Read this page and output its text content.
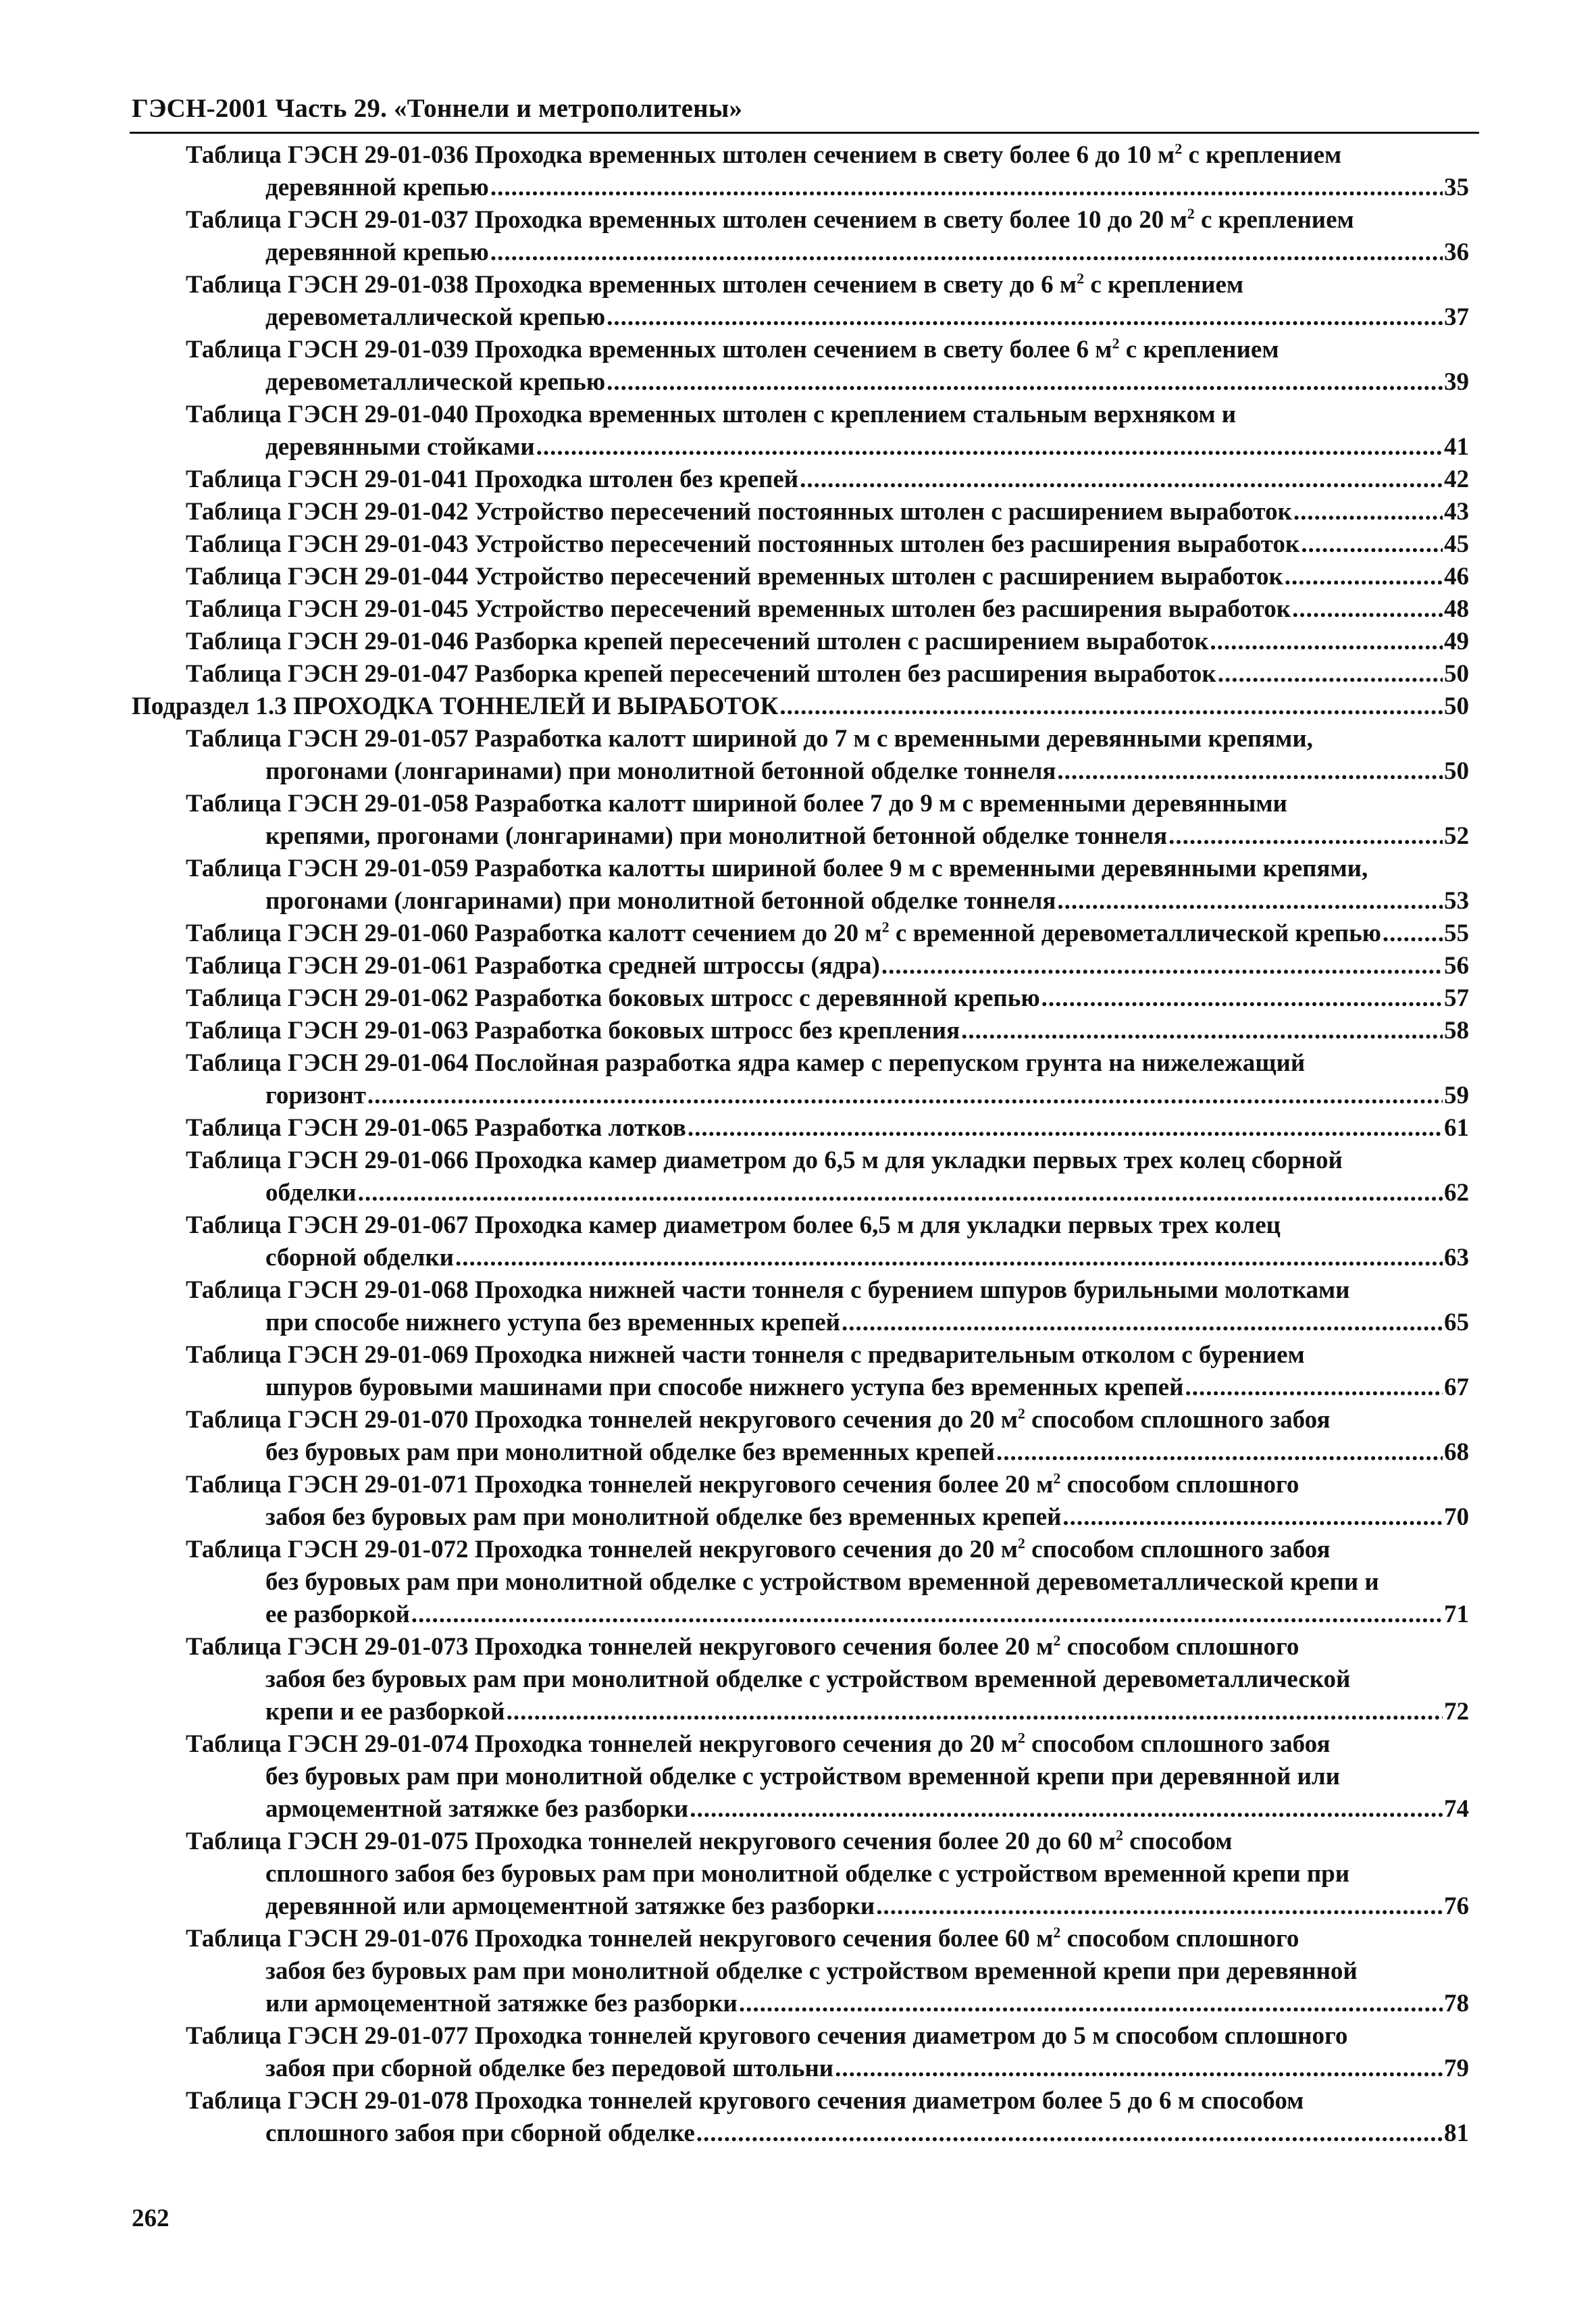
ГЭСН-2001 Часть 29. «Тоннели и метрополитены»
Таблица ГЭСН 29-01-036 Проходка временных штолен сечением в свету более 6 до 10 $м^2$ с креплением
деревянной крепью .....	35
Таблица ГЭСН 29-01-037 Проходка временных штолен сечением в свету более 10 до 20 $м^2$ с креплением
деревянной крепью .....	36
Таблица ГЭСН 29-01-038 Проходка временных штолен сечением в свету до 6 $м^2$ с креплением
деревометаллической крепью .....	37
Таблица ГЭСН 29-01-039 Проходка временных штолен сечением в свету более 6 $м^2$ с креплением
деревометаллической крепью .....	39
Таблица ГЭСН 29-01-040 Проходка временных штолен с креплением стальным верхняком и
деревянными стойками .....	41
Таблица ГЭСН 29-01-041 Проходка штолен без крепей .....	42
Таблица ГЭСН 29-01-042 Устройство пересечений постоянных штолен с расширением выработок .....	43
Таблица ГЭСН 29-01-043 Устройство пересечений постоянных штолен без расширения выработок .....	45
Таблица ГЭСН 29-01-044 Устройство пересечений временных штолен с расширением выработок .....	46
Таблица ГЭСН 29-01-045 Устройство пересечений временных штолен без расширения выработок .....	48
Таблица ГЭСН 29-01-046 Разборка крепей пересечений штолен с расширением выработок .....	49
Таблица ГЭСН 29-01-047 Разборка крепей пересечений штолен без расширения выработок .....	50
Подраздел 1.3 ПРОХОДКА ТОННЕЛЕЙ И ВЫРАБОТОК .....	50
Таблица ГЭСН 29-01-057 Разработка калотт шириной до 7 м с временными деревянными крепями,
прогонами (лонгаринами) при монолитной бетонной обделке тоннеля .....	50
Таблица ГЭСН 29-01-058 Разработка калотт шириной более 7 до 9 м с временными деревянными
крепями, прогонами (лонгаринами) при монолитной бетонной обделке тоннеля .....	52
Таблица ГЭСН 29-01-059 Разработка калотты шириной более 9 м с временными деревянными крепями,
прогонами (лонгаринами) при монолитной бетонной обделке тоннеля .....	53
Таблица ГЭСН 29-01-060 Разработка калотт сечением до 20 $м^2$ с временной деревометаллической крепью .....	55
Таблица ГЭСН 29-01-061 Разработка средней штроссы (ядра) .....	56
Таблица ГЭСН 29-01-062 Разработка боковых штросс с деревянной крепью .....	57
Таблица ГЭСН 29-01-063 Разработка боковых штросс без крепления .....	58
Таблица ГЭСН 29-01-064 Послойная разработка ядра камер с перепуском грунта на нижележащий
горизонт .....	59
Таблица ГЭСН 29-01-065 Разработка лотков .....	61
Таблица ГЭСН 29-01-066 Проходка камер диаметром до 6,5 м для укладки первых трех колец сборной
обделки .....	62
Таблица ГЭСН 29-01-067 Проходка камер диаметром более 6,5 м для укладки первых трех колец
сборной обделки .....	63
Таблица ГЭСН 29-01-068 Проходка нижней части тоннеля с бурением шпуров бурильными молотками
при способе нижнего уступа без временных крепей .....	65
Таблица ГЭСН 29-01-069 Проходка нижней части тоннеля с предварительным отколом с бурением
шпуров буровыми машинами при способе нижнего уступа без временных крепей .....	67
Таблица ГЭСН 29-01-070 Проходка тоннелей некругового сечения до 20 $м^2$ способом сплошного забоя
без буровых рам при монолитной обделке без временных крепей .....	68
Таблица ГЭСН 29-01-071 Проходка тоннелей некругового сечения более 20 $м^2$ способом сплошного
забоя без буровых рам при монолитной обделке без временных крепей .....	70
Таблица ГЭСН 29-01-072 Проходка тоннелей некругового сечения до 20 $м^2$ способом сплошного забоя
без буровых рам при монолитной обделке с устройством временной деревометаллической крепи и
ее разборкой .....	71
Таблица ГЭСН 29-01-073 Проходка тоннелей некругового сечения более 20 $м^2$ способом сплошного
забоя без буровых рам при монолитной обделке с устройством временной деревометаллической
крепи и ее разборкой .....	72
Таблица ГЭСН 29-01-074 Проходка тоннелей некругового сечения до 20 $м^2$ способом сплошного забоя
без буровых рам при монолитной обделке с устройством временной крепи при деревянной или
армоцементной затяжке без разборки .....	74
Таблица ГЭСН 29-01-075 Проходка тоннелей некругового сечения более 20 до 60 $м^2$ способом
сплошного забоя без буровых рам при монолитной обделке с устройством временной крепи при
деревянной или армоцементной затяжке без разборки .....	76
Таблица ГЭСН 29-01-076 Проходка тоннелей некругового сечения более 60 $м^2$ способом сплошного
забоя без буровых рам при монолитной обделке с устройством временной крепи при деревянной
или армоцементной затяжке без разборки .....	78
Таблица ГЭСН 29-01-077 Проходка тоннелей кругового сечения диаметром до 5 м способом сплошного
забоя при сборной обделке без передовой штольни .....	79
Таблица ГЭСН 29-01-078 Проходка тоннелей кругового сечения диаметром более 5 до 6 м способом
сплошного забоя при сборной обделке .....	81
262
